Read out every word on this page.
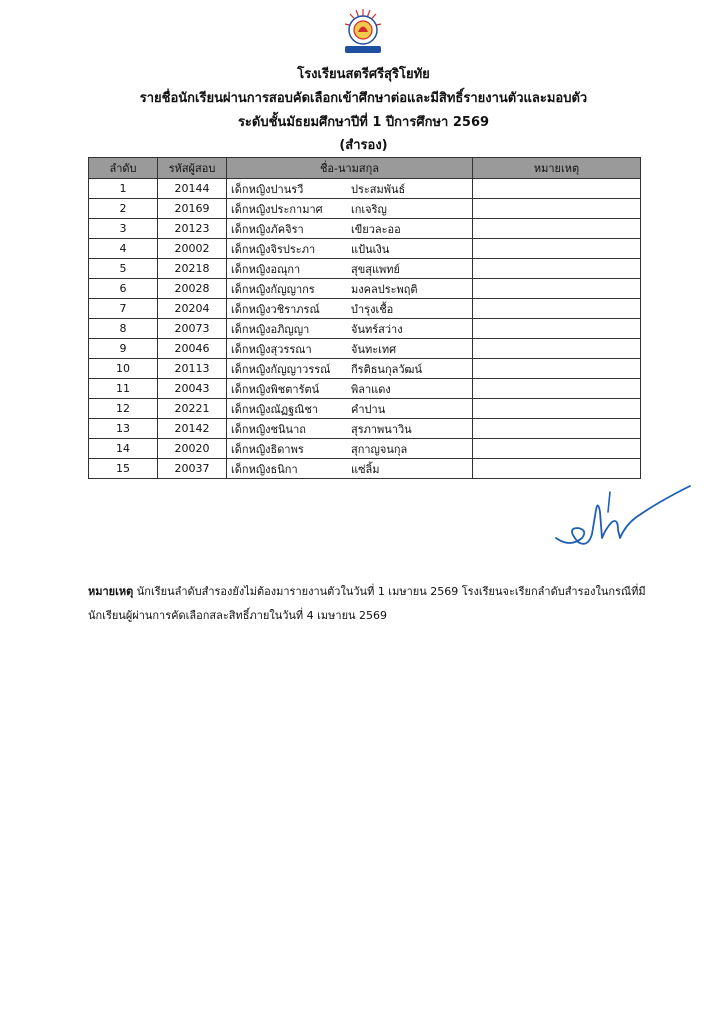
โรงเรียนสตรีศรีสุริโยทัย
รายชื่อนักเรียนผ่านการสอบคัดเลือกเข้าศึกษาต่อและมีสิทธิ์รายงานตัวและมอบตัว
ระดับชั้นมัธยมศึกษาปีที่ 1 ปีการศึกษา 2569
(สำรอง)
ลำดับ	รหัสผู้สอบ	ชื่อ-นามสกุล	หมายเหตุ
1	20144	เด็กหญิงปานรวี ประสมพันธ์	
2	20169	เด็กหญิงประกามาศ เกเจริญ	
3	20123	เด็กหญิงภัคจิรา เขียวละออ	
4	20002	เด็กหญิงจิรประภา แป้นเงิน	
5	20218	เด็กหญิงอณุกา สุขสุแพทย์	
6	20028	เด็กหญิงกัญญากร มงคลประพฤติ	
7	20204	เด็กหญิงวชิราภรณ์ บำรุงเชื้อ	
8	20073	เด็กหญิงอภิญญา จันทร์สว่าง	
9	20046	เด็กหญิงสุวรรณา จันทะเทศ	
10	20113	เด็กหญิงกัญญาวรรณ์ กีรติธนกุลวัฒน์	
11	20043	เด็กหญิงพิชตารัตน์ พิลาแดง	
12	20221	เด็กหญิงณัฏฐณิชา คำปาน	
13	20142	เด็กหญิงชนินาถ สุรภาพนาวิน	
14	20020	เด็กหญิงธิดาพร สุกาญจนกุล	
15	20037	เด็กหญิงธนิกา แซ่ลิ้ม	
หมายเหตุ นักเรียนลำดับสำรองยังไม่ต้องมารายงานตัวในวันที่ 1 เมษายน 2569 โรงเรียนจะเรียกลำดับสำรองในกรณีที่มี
นักเรียนผู้ผ่านการคัดเลือกสละสิทธิ์ภายในวันที่ 4 เมษายน 2569
